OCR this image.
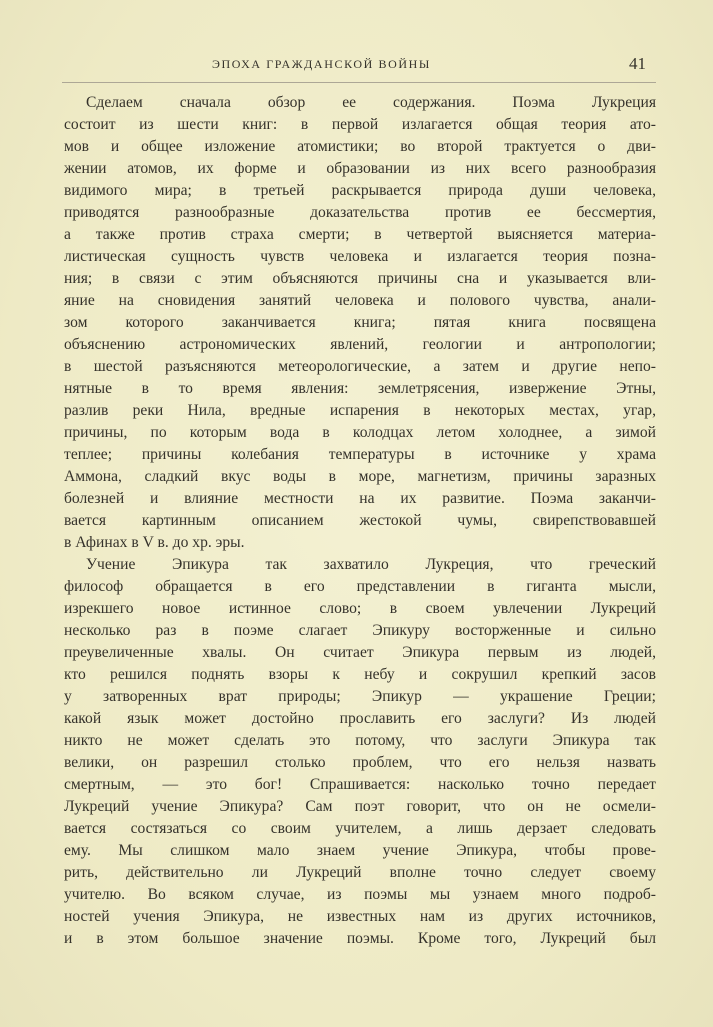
ЭПОХА ГРАЖДАНСКОЙ ВОЙНЫ	41
Сделаем сначала обзор ее содержания. Поэма Лукреция
состоит из шести книг: в первой излагается общая теория ато-
мов и общее изложение атомистики; во второй трактуется о дви-
жении атомов, их форме и образовании из них всего разнообразия
видимого мира; в третьей раскрывается природа души человека,
приводятся разнообразные доказательства против ее бессмертия,
а также против страха смерти; в четвертой выясняется материа-
листическая сущность чувств человека и излагается теория позна-
ния; в связи с этим объясняются причины сна и указывается вли-
яние на сновидения занятий человека и полового чувства, анали-
зом которого заканчивается книга; пятая книга посвящена
объяснению астрономических явлений, геологии и антропологии;
в шестой разъясняются метеорологические, а затем и другие непо-
нятные в то время явления: землетрясения, извержение Этны,
разлив реки Нила, вредные испарения в некоторых местах, угар,
причины, по которым вода в колодцах летом холоднее, а зимой
теплее; причины колебания температуры в источнике у храма
Аммона, сладкий вкус воды в море, магнетизм, причины заразных
болезней и влияние местности на их развитие. Поэма заканчи-
вается картинным описанием жестокой чумы, свирепствовавшей
в Афинах в V в. до хр. эры.
Учение Эпикура так захватило Лукреция, что греческий
философ обращается в его представлении в гиганта мысли,
изрекшего новое истинное слово; в своем увлечении Лукреций
несколько раз в поэме слагает Эпикуру восторженные и сильно
преувеличенные хвалы. Он считает Эпикура первым из людей,
кто решился поднять взоры к небу и сокрушил крепкий засов
у затворенных врат природы; Эпикур — украшение Греции;
какой язык может достойно прославить его заслуги? Из людей
никто не может сделать это потому, что заслуги Эпикура так
велики, он разрешил столько проблем, что его нельзя назвать
смертным, — это бог! Спрашивается: насколько точно передает
Лукреций учение Эпикура? Сам поэт говорит, что он не осмели-
вается состязаться со своим учителем, а лишь дерзает следовать
ему. Мы слишком мало знаем учение Эпикура, чтобы прове-
рить, действительно ли Лукреций вполне точно следует своему
учителю. Во всяком случае, из поэмы мы узнаем много подроб-
ностей учения Эпикура, не известных нам из других источников,
и в этом большое значение поэмы. Кроме того, Лукреций был
